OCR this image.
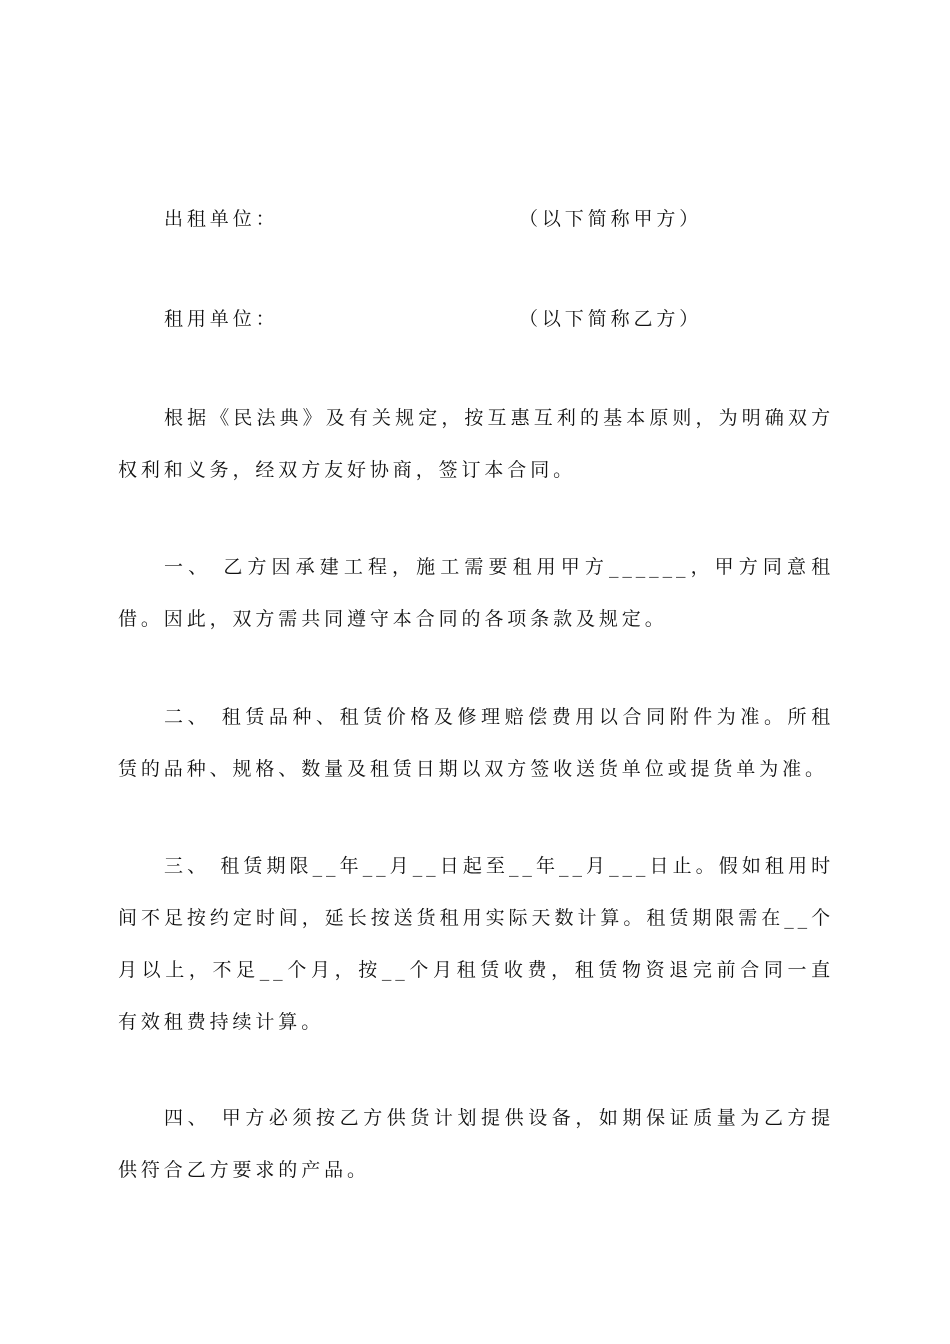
出租单位：	（以下简称甲方）
租用单位：	（以下简称乙方）
根据《民法典》及有关规定，按互惠互利的基本原则，为明确双方权利和义务，经双方友好协商，签订本合同。
一、 乙方因承建工程，施工需要租用甲方______，甲方同意租借。因此，双方需共同遵守本合同的各项条款及规定。
二、 租赁品种、租赁价格及修理赔偿费用以合同附件为准。所租赁的品种、规格、数量及租赁日期以双方签收送货单位或提货单为准。
三、 租赁期限__年__月__日起至__年__月___日止。假如租用时间不足按约定时间，延长按送货租用实际天数计算。租赁期限需在__个月以上，不足__个月，按__个月租赁收费，租赁物资退完前合同一直有效租费持续计算。
四、 甲方必须按乙方供货计划提供设备，如期保证质量为乙方提供符合乙方要求的产品。
